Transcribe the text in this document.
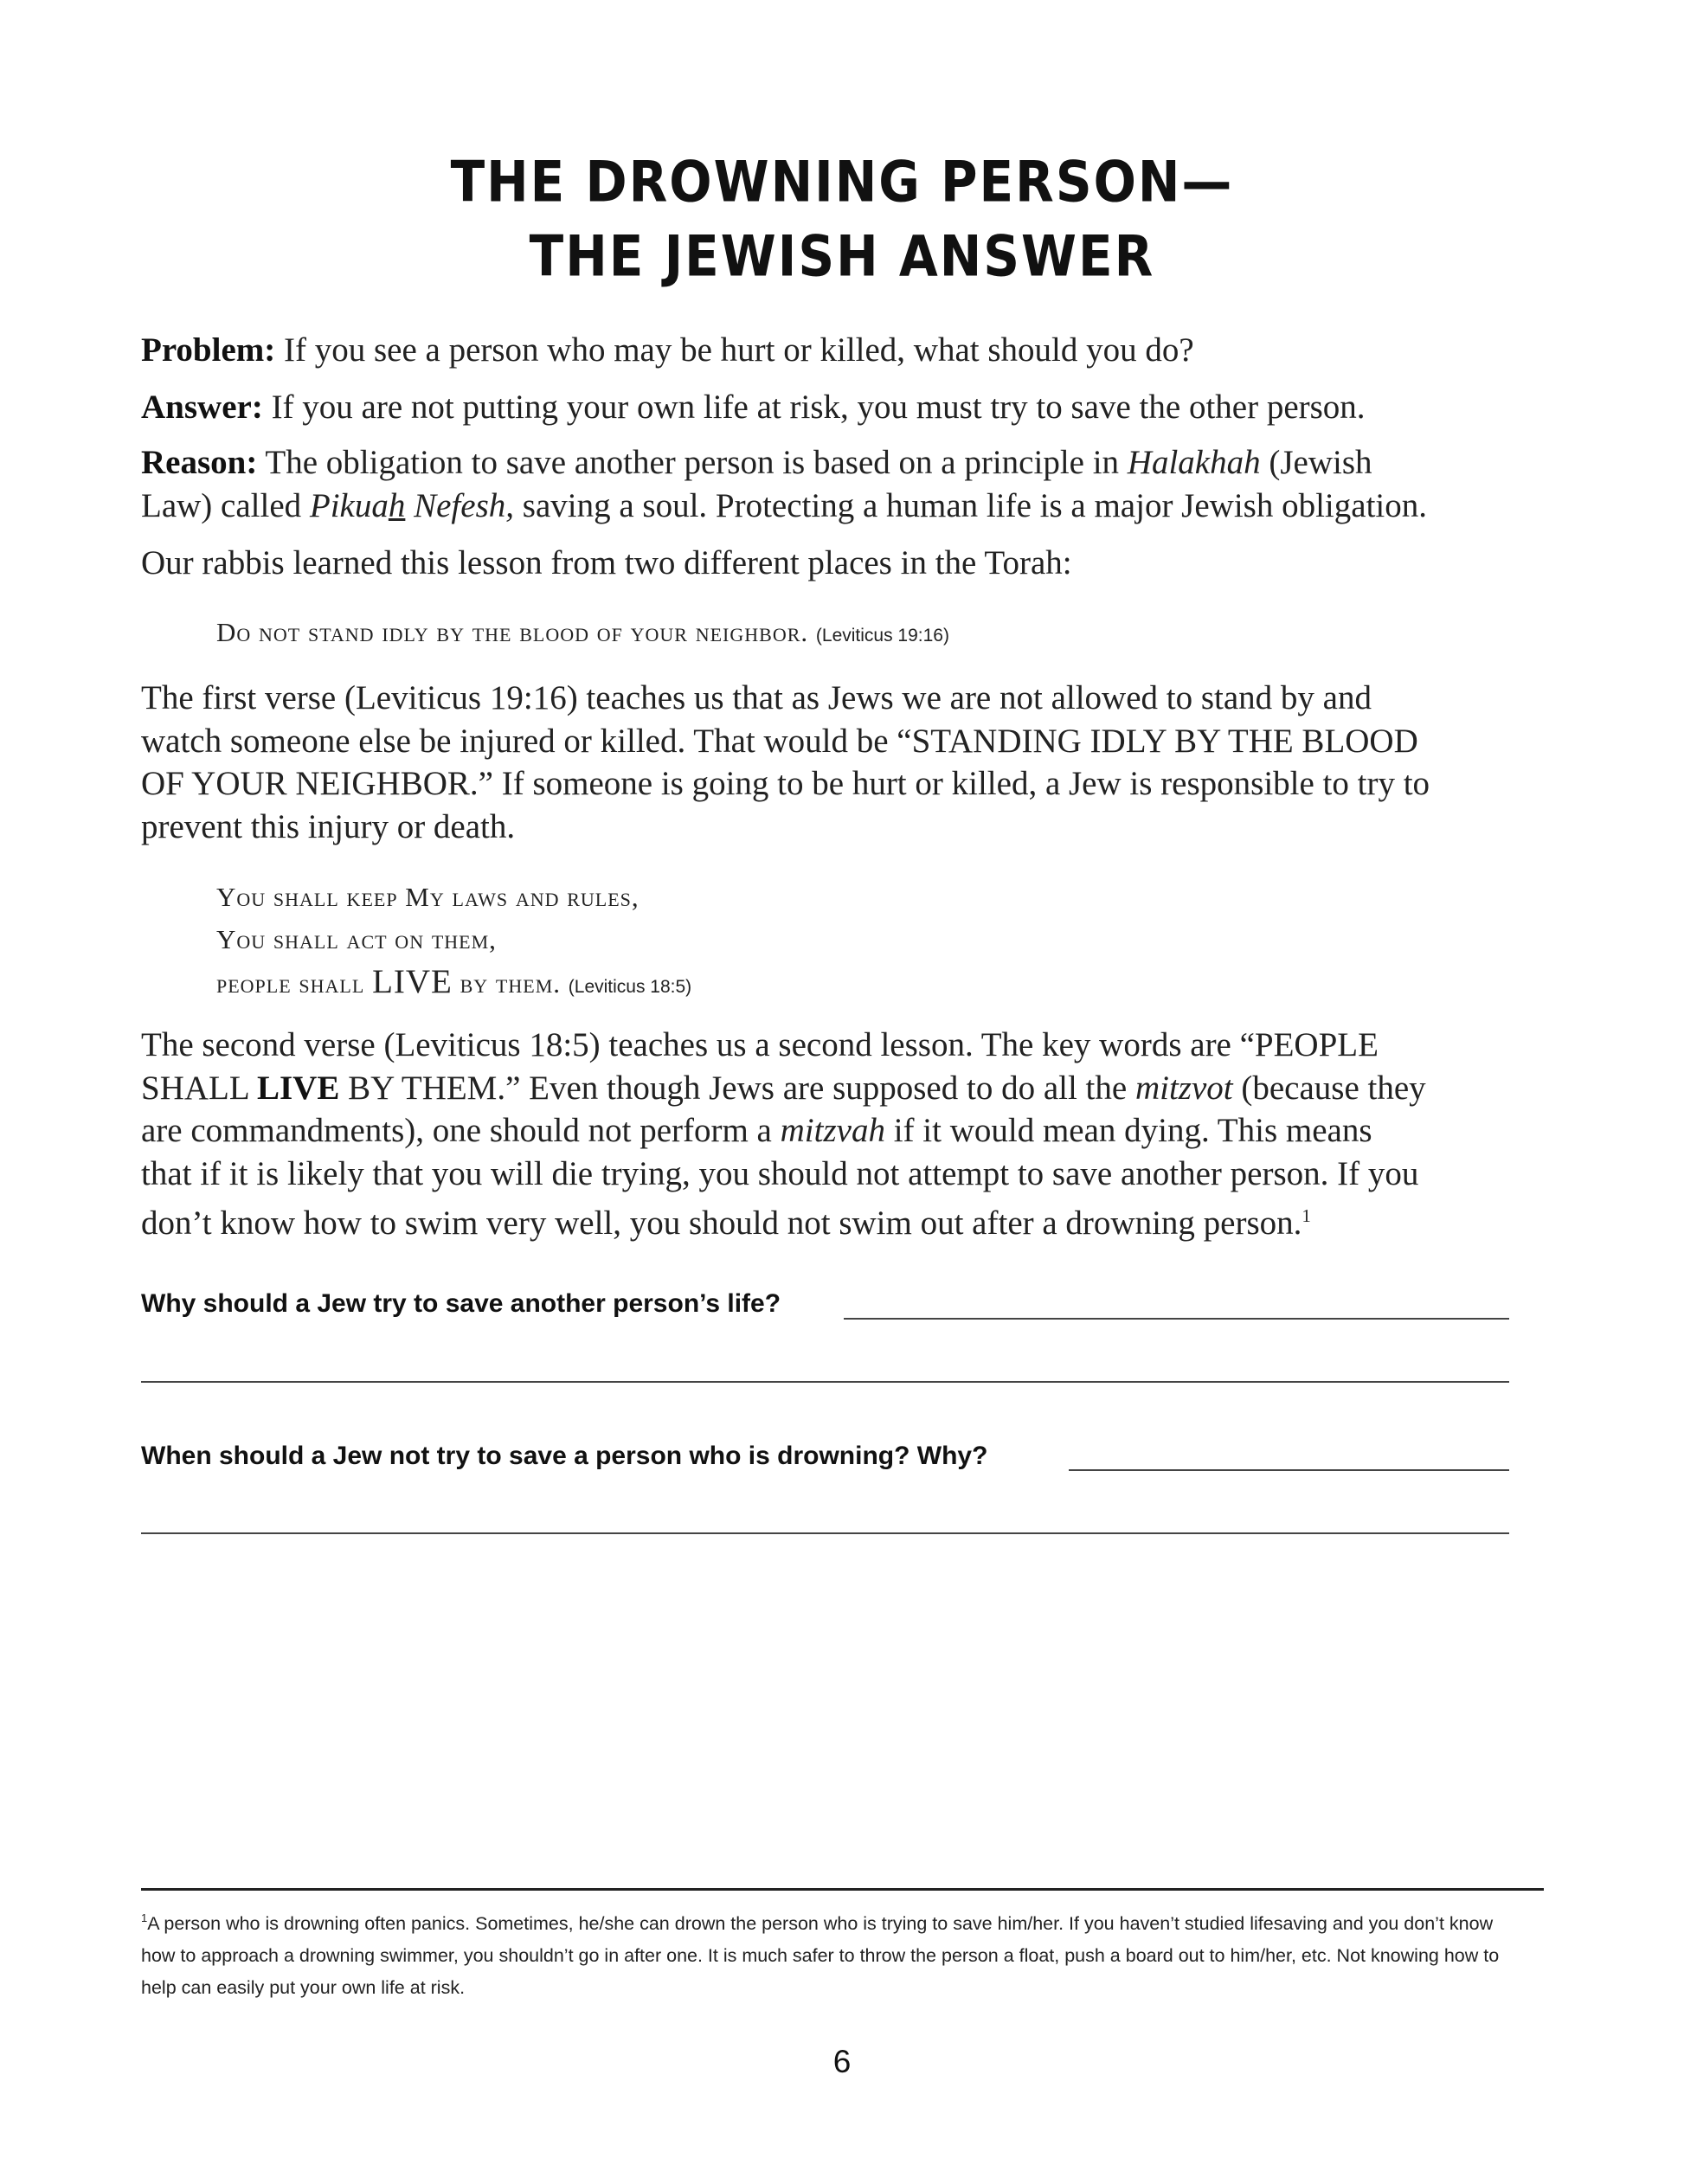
THE DROWNING PERSON—
THE JEWISH ANSWER
Problem: If you see a person who may be hurt or killed, what should you do?
Answer: If you are not putting your own life at risk, you must try to save the other person.
Reason: The obligation to save another person is based on a principle in Halakhah (Jewish
Law) called Pikuah Nefesh, saving a soul. Protecting a human life is a major Jewish obligation.
Our rabbis learned this lesson from two different places in the Torah:
Do not stand idly by the blood of your neighbor. (Leviticus 19:16)
The first verse (Leviticus 19:16) teaches us that as Jews we are not allowed to stand by and
watch someone else be injured or killed. That would be “STANDING IDLY BY THE BLOOD
OF YOUR NEIGHBOR.” If someone is going to be hurt or killed, a Jew is responsible to try to
prevent this injury or death.
You shall keep My laws and rules,
You shall act on them,
people shall LIVE by them. (Leviticus 18:5)
The second verse (Leviticus 18:5) teaches us a second lesson. The key words are “PEOPLE
SHALL LIVE BY THEM.” Even though Jews are supposed to do all the mitzvot (because they
are commandments), one should not perform a mitzvah if it would mean dying. This means
that if it is likely that you will die trying, you should not attempt to save another person. If you
don’t know how to swim very well, you should not swim out after a drowning person.$^1$
Why should a Jew try to save another person’s life?
When should a Jew not try to save a person who is drowning? Why?
$^1$A person who is drowning often panics. Sometimes, he/she can drown the person who is trying to save him/her. If you haven’t studied lifesaving and you don’t know how to approach a drowning swimmer, you shouldn’t go in after one. It is much safer to throw the person a float, push a board out to him/her, etc. Not knowing how to help can easily put your own life at risk.
6
